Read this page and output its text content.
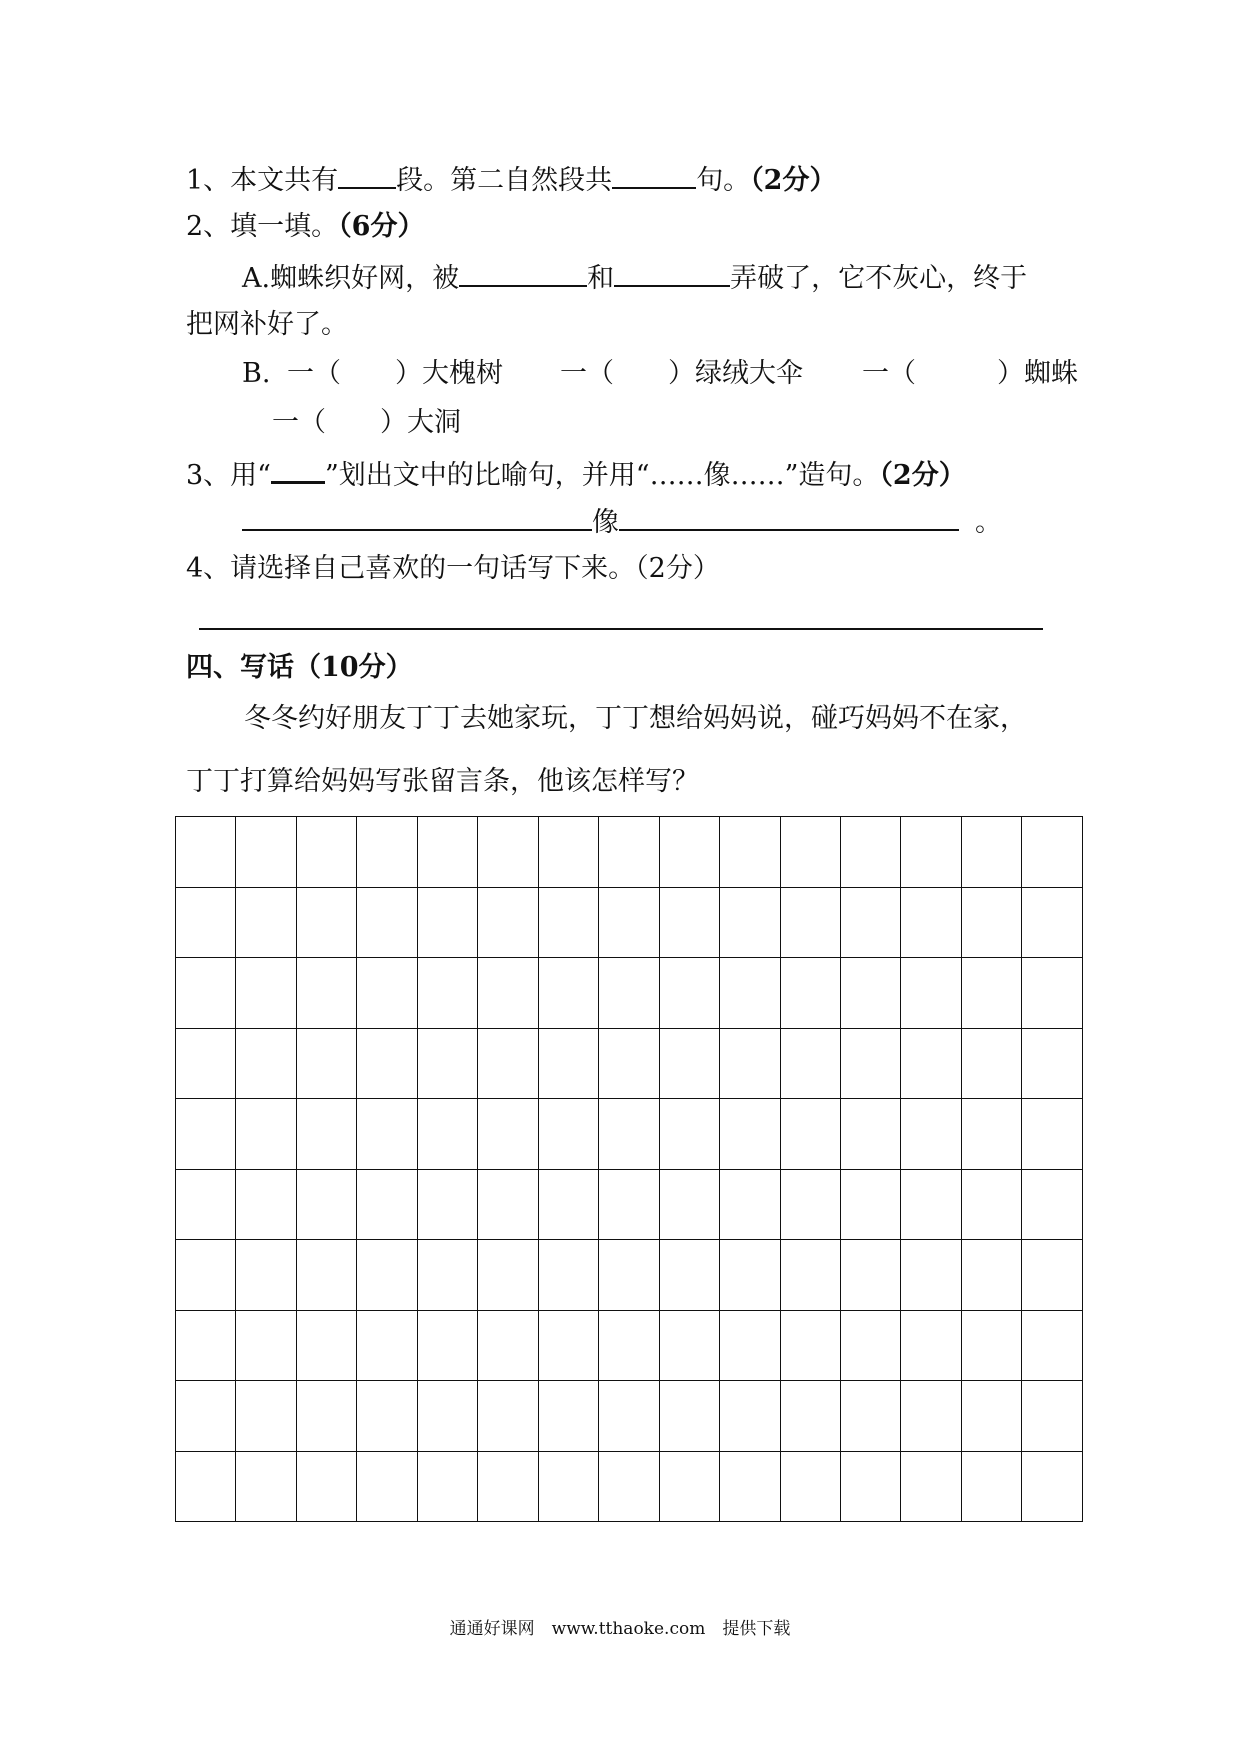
1、本文共有 段。第二自然段共	句。（2分）
2、填一填。（6分）
A.蜘蛛织好网，被	和	弄破了，它不灰心，终于
把网补好了。
B. 一（　　）大槐树 一（　　）绿绒大伞 一（　　　）蜘蛛
一（　　）大洞
3、用“ ”划出文中的比喻句，并用“……像……”造句。（2分）
像	。
4、请选择自己喜欢的一句话写下来。（2分）
四、写话（10分）
冬冬约好朋友丁丁去她家玩，丁丁想给妈妈说，碰巧妈妈不在家，
丁丁打算给妈妈写张留言条，他该怎样写？

通通好课网　www.tthaoke.com　提供下载
